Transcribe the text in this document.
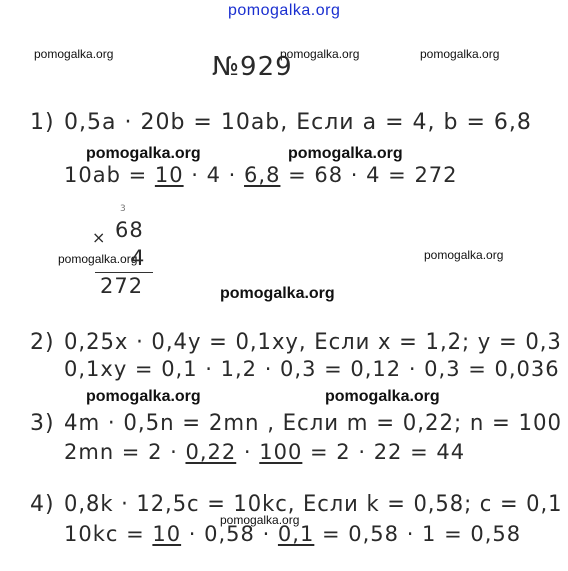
pomogalka.org
pomogalka.org	pomogalka.org	pomogalka.org
pomogalka.org	pomogalka.org
pomogalka.org	pomogalka.org
pomogalka.org
pomogalka.org	pomogalka.org
pomogalka.org
№929
1) 0,5a · 20b = 10ab, Если a = 4, b = 6,8
10ab = 10 · 4 · 6,8 = 68 · 4 = 272
3
× 68
4
272
2) 0,25x · 0,4y = 0,1xy, Если x = 1,2; y = 0,3
0,1xy = 0,1 · 1,2 · 0,3 = 0,12 · 0,3 = 0,036
3) 4m · 0,5n = 2mn , Если m = 0,22; n = 100
2mn = 2 · 0,22 · 100 = 2 · 22 = 44
4) 0,8k · 12,5c = 10kc, Если k = 0,58; c = 0,1
10kc = 10 · 0,58 · 0,1 = 0,58 · 1 = 0,58
